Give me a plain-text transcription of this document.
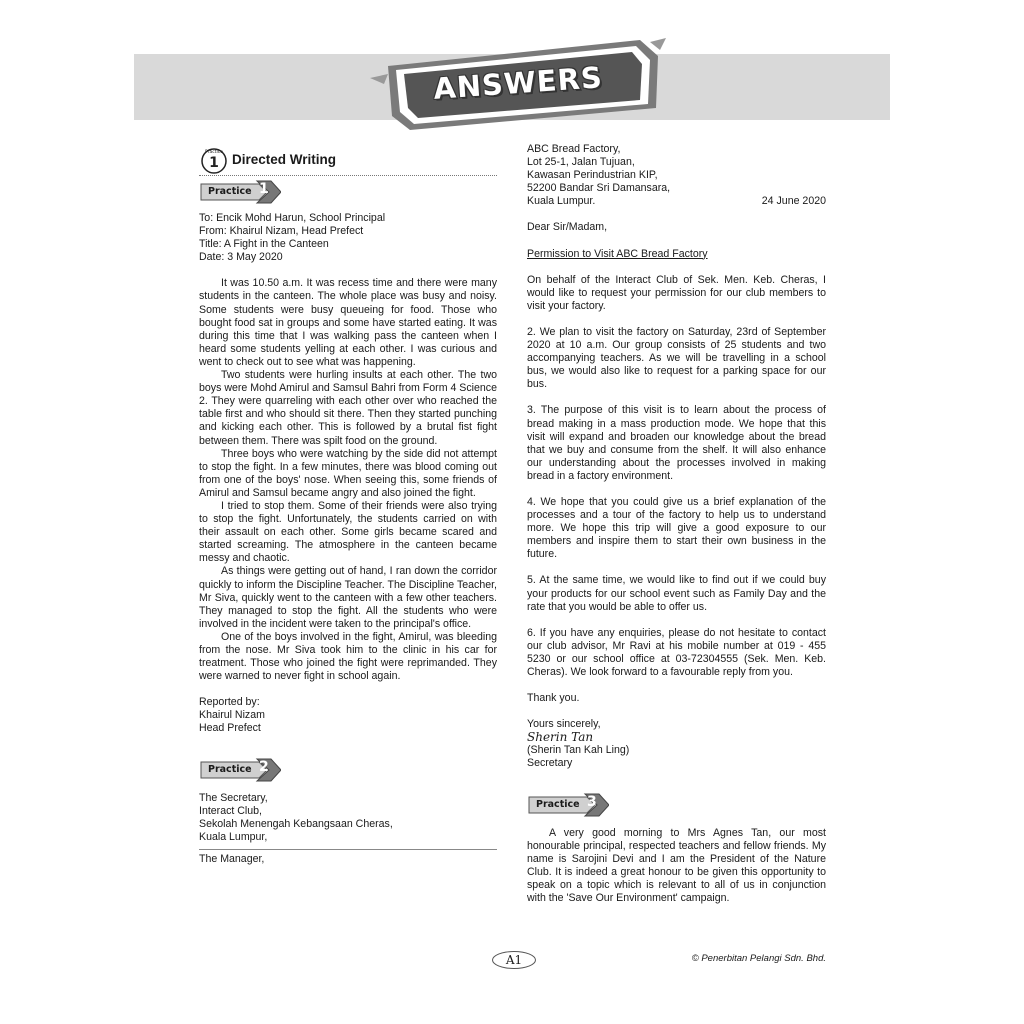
ANSWERS
1
Practice Directed Writing
Practice 1

To: Encik Mohd Harun, School Principal

From: Khairul Nizam, Head Prefect

Title: A Fight in the Canteen

Date: 3 May 2020

It was 10.50 a.m. It was recess time and there were many students in the canteen. The whole place was busy and noisy. Some students were busy queueing for food. Those who bought food sat in groups and some have started eating. It was during this time that I was walking pass the canteen when I heard some students yelling at each other. I was curious and went to check out to see what was happening.

Two students were hurling insults at each other. The two boys were Mohd Amirul and Samsul Bahri from Form 4 Science 2. They were quarreling with each other over who reached the table first and who should sit there. Then they started punching and kicking each other. This is followed by a brutal fist fight between them. There was spilt food on the ground.

Three boys who were watching by the side did not attempt to stop the fight. In a few minutes, there was blood coming out from one of the boys' nose. When seeing this, some friends of Amirul and Samsul became angry and also joined the fight.

I tried to stop them. Some of their friends were also trying to stop the fight. Unfortunately, the students carried on with their assault on each other. Some girls became scared and started screaming. The atmosphere in the canteen became messy and chaotic.

As things were getting out of hand, I ran down the corridor quickly to inform the Discipline Teacher. The Discipline Teacher, Mr Siva, quickly went to the canteen with a few other teachers. They managed to stop the fight. All the students who were involved in the incident were taken to the principal's office.

One of the boys involved in the fight, Amirul, was bleeding from the nose. Mr Siva took him to the clinic in his car for treatment. Those who joined the fight were reprimanded. They were warned to never fight in school again.

Reported by:

Khairul Nizam

Head Prefect

Practice 2

The Secretary,

Interact Club,

Sekolah Menengah Kebangsaan Cheras,

Kuala Lumpur,

The Manager,

ABC Bread Factory,

Lot 25-1, Jalan Tujuan,

Kawasan Perindustrian KIP,

52200 Bandar Sri Damansara,

Kuala Lumpur.	24 June 2020

Dear Sir/Madam,

Permission to Visit ABC Bread Factory

On behalf of the Interact Club of Sek. Men. Keb. Cheras, I would like to request your permission for our club members to visit your factory.

2. We plan to visit the factory on Saturday, 23rd of September 2020 at 10 a.m. Our group consists of 25 students and two accompanying teachers. As we will be travelling in a school bus, we would also like to request for a parking space for our bus.

3. The purpose of this visit is to learn about the process of bread making in a mass production mode. We hope that this visit will expand and broaden our knowledge about the bread that we buy and consume from the shelf. It will also enhance our understanding about the processes involved in making bread in a factory environment.

4. We hope that you could give us a brief explanation of the processes and a tour of the factory to help us to understand more. We hope this trip will give a good exposure to our members and inspire them to start their own business in the future.

5. At the same time, we would like to find out if we could buy your products for our school event such as Family Day and the rate that you would be able to offer us.

6. If you have any enquiries, please do not hesitate to contact our club advisor, Mr Ravi at his mobile number at 019 - 455 5230 or our school office at 03-72304555 (Sek. Men. Keb. Cheras). We look forward to a favourable reply from you.

Thank you.

Yours sincerely,

Sherin Tan

(Sherin Tan Kah Ling)

Secretary

Practice 3

A very good morning to Mrs Agnes Tan, our most honourable principal, respected teachers and fellow friends. My name is Sarojini Devi and I am the President of the Nature Club. It is indeed a great honour to be given this opportunity to speak on a topic which is relevant to all of us in conjunction with the 'Save Our Environment' campaign.

A1	© Penerbitan Pelangi Sdn. Bhd.
